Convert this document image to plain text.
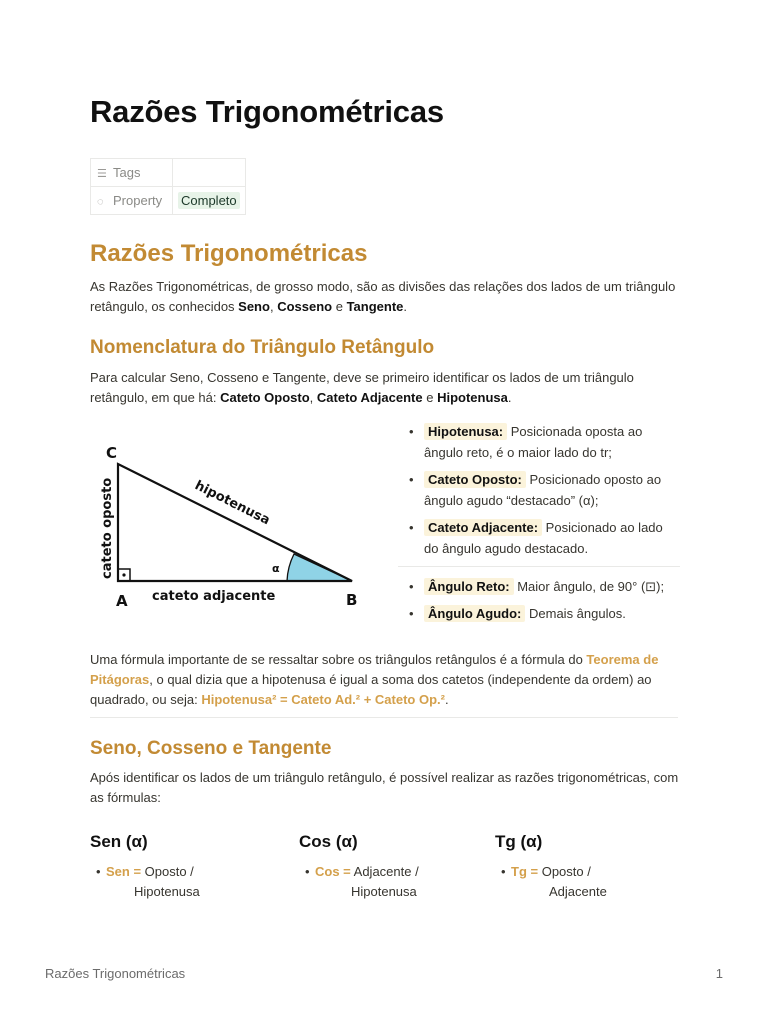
Razões Trigonométricas
☰ Tags	
◌ Property	Completo
Razões Trigonométricas

As Razões Trigonométricas, de grosso modo, são as divisões das relações dos lados de um triângulo retângulo, os conhecidos Seno, Cosseno e Tangente.

Nomenclatura do Triângulo Retângulo

Para calcular Seno, Cosseno e Tangente, deve se primeiro identificar os lados de um triângulo retângulo, em que há: Cateto Oposto, Cateto Adjacente e Hipotenusa.

C
A	B
α
cateto adjacente
cateto oposto	hipotenusa
• Hipotenusa: Posicionada oposta ao ângulo reto, é o maior lado do tr;
• Cateto Oposto: Posicionado oposto ao ângulo agudo “destacado” (α);
• Cateto Adjacente: Posicionado ao lado do ângulo agudo destacado.
• Ângulo Reto: Maior ângulo, de 90° (⊡);
• Ângulo Agudo: Demais ângulos.

Uma fórmula importante de se ressaltar sobre os triângulos retângulos é a fórmula do Teorema de Pitágoras, o qual dizia que a hipotenusa é igual a soma dos catetos (independente da ordem) ao quadrado, ou seja: Hipotenusa² = Cateto Ad.² + Cateto Op.².

Seno, Cosseno e Tangente

Após identificar os lados de um triângulo retângulo, é possível realizar as razões trigonométricas, com as fórmulas:

Sen (α)
• Sen = Oposto /
Hipotenusa
Cos (α)
• Cos = Adjacente /
Hipotenusa
Tg (α)
• Tg = Oposto /
Adjacente
Razões Trigonométricas	1
